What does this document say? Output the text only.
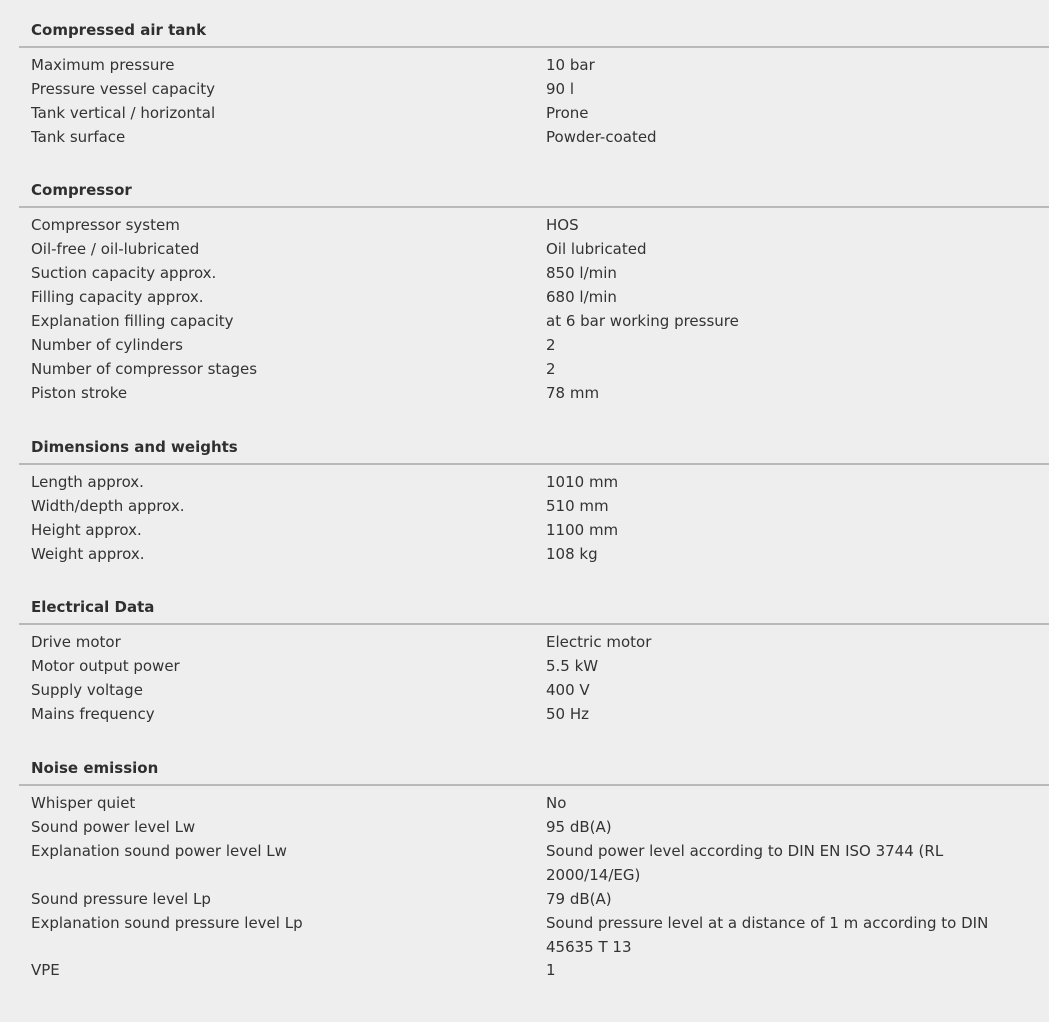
Compressed air tank
Maximum pressure	10 bar
Pressure vessel capacity	90 l
Tank vertical / horizontal	Prone
Tank surface	Powder-coated
Compressor
Compressor system	HOS
Oil-free / oil-lubricated	Oil lubricated
Suction capacity approx.	850 l/min
Filling capacity approx.	680 l/min
Explanation filling capacity	at 6 bar working pressure
Number of cylinders	2
Number of compressor stages	2
Piston stroke	78 mm
Dimensions and weights
Length approx.	1010 mm
Width/depth approx.	510 mm
Height approx.	1100 mm
Weight approx.	108 kg
Electrical Data
Drive motor	Electric motor
Motor output power	5.5 kW
Supply voltage	400 V
Mains frequency	50 Hz
Noise emission
Whisper quiet	No
Sound power level Lw	95 dB(A)
Explanation sound power level Lw	Sound power level according to DIN EN ISO 3744 (RL 2000/14/EG)
Sound pressure level Lp	79 dB(A)
Explanation sound pressure level Lp	Sound pressure level at a distance of 1 m according to DIN 45635 T 13
VPE	1
